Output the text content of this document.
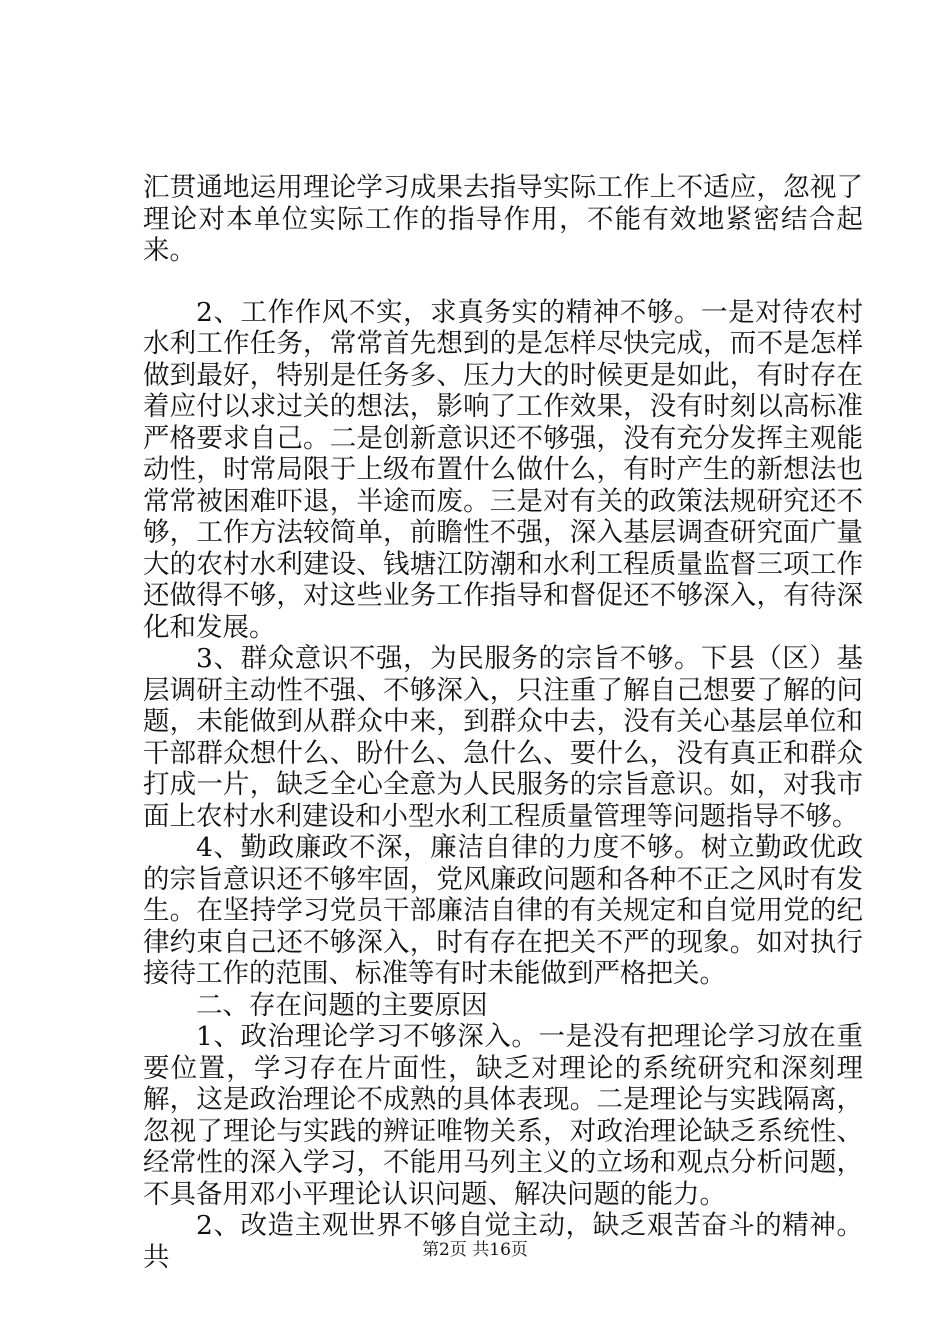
汇贯通地运用理论学习成果去指导实际工作上不适应，忽视了理论对本单位实际工作的指导作用，不能有效地紧密结合起来。

2、工作作风不实，求真务实的精神不够。一是对待农村水利工作任务，常常首先想到的是怎样尽快完成，而不是怎样做到最好，特别是任务多、压力大的时候更是如此，有时存在着应付以求过关的想法，影响了工作效果，没有时刻以高标准严格要求自己。二是创新意识还不够强，没有充分发挥主观能动性，时常局限于上级布置什么做什么，有时产生的新想法也常常被困难吓退，半途而废。三是对有关的政策法规研究还不够，工作方法较简单，前瞻性不强，深入基层调查研究面广量大的农村水利建设、钱塘江防潮和水利工程质量监督三项工作还做得不够，对这些业务工作指导和督促还不够深入，有待深化和发展。

3、群众意识不强，为民服务的宗旨不够。下县（区）基层调研主动性不强、不够深入，只注重了解自己想要了解的问题，未能做到从群众中来，到群众中去，没有关心基层单位和干部群众想什么、盼什么、急什么、要什么，没有真正和群众打成一片，缺乏全心全意为人民服务的宗旨意识。如，对我市面上农村水利建设和小型水利工程质量管理等问题指导不够。

4、勤政廉政不深，廉洁自律的力度不够。树立勤政优政的宗旨意识还不够牢固，党风廉政问题和各种不正之风时有发生。在坚持学习党员干部廉洁自律的有关规定和自觉用党的纪律约束自己还不够深入，时有存在把关不严的现象。如对执行接待工作的范围、标准等有时未能做到严格把关。

二、存在问题的主要原因

1、政治理论学习不够深入。一是没有把理论学习放在重要位置，学习存在片面性，缺乏对理论的系统研究和深刻理解，这是政治理论不成熟的具体表现。二是理论与实践隔离，忽视了理论与实践的辨证唯物关系，对政治理论缺乏系统性、经常性的深入学习，不能用马列主义的立场和观点分析问题，不具备用邓小平理论认识问题、解决问题的能力。

2、改造主观世界不够自觉主动，缺乏艰苦奋斗的精神。共	第2页 共16页
